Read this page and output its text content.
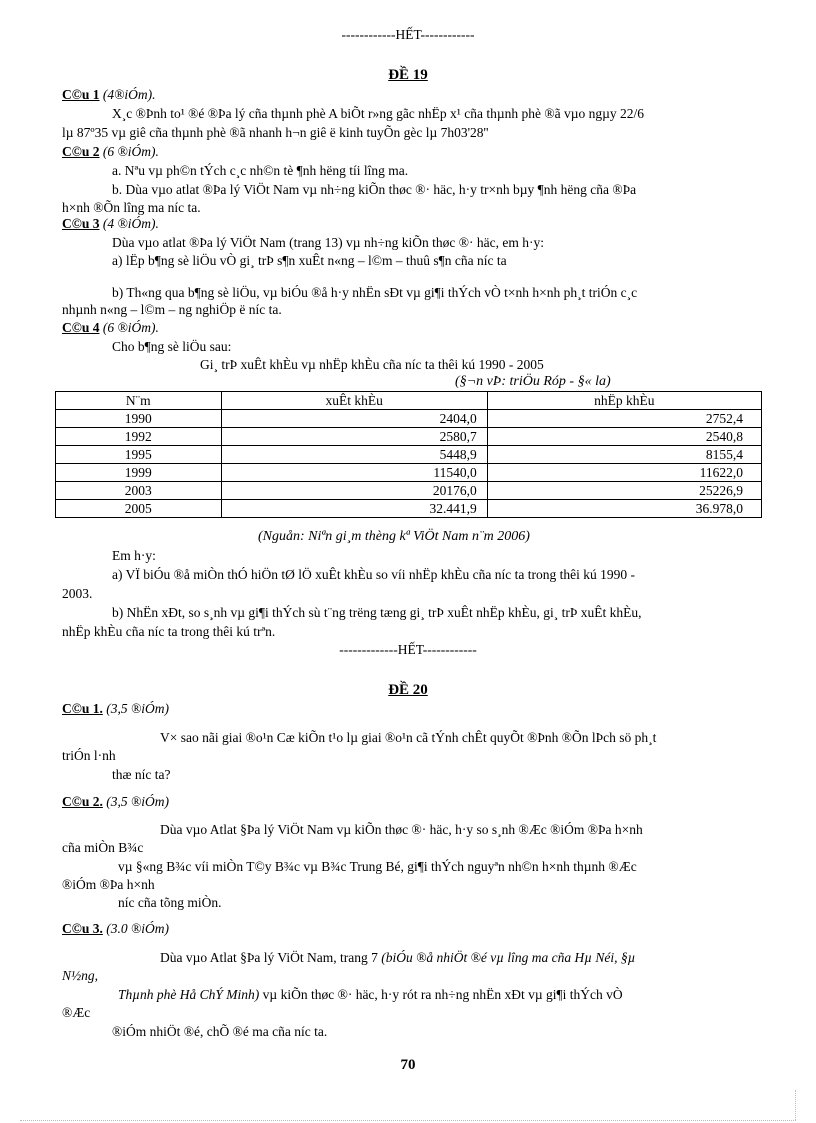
------------HẾT------------
ĐỀ 19
C©u 1 (4®iÓm).
X¸c ®Þnh to¹ ®é ®Þa lý cña thµnh phè A biÕt r»ng gãc nhËp x¹ cña thµnh phè ®ã vµo ngµy 22/6
lµ 87º35 vµ giê cña thµnh phè ®ã nhanh h¬n giê ë kinh tuyÕn gèc lµ 7h03'28''
C©u 2 (6 ®iÓm).
a. Nªu vµ ph©n tÝch c¸c nh©n tè ¶nh hëng tíi lîng ma.
b. Dùa vµo atlat ®Þa lý ViÖt Nam vµ nh÷ng kiÕn thøc ®· häc, h·y tr×nh bµy ¶nh hëng cña ®Þa
h×nh ®Õn lîng ma níc ta.
C©u 3 (4 ®iÓm).
Dùa vµo atlat ®Þa lý ViÖt Nam (trang 13) vµ nh÷ng kiÕn thøc ®· häc, em h·y:
a) lËp b¶ng sè liÖu vÒ gi¸ trÞ s¶n xuÊt n«ng – l©m – thuû s¶n cña níc ta
b) Th«ng qua b¶ng sè liÖu, vµ biÓu ®å h·y nhËn sÐt vµ gi¶i thÝch vÒ t×nh h×nh ph¸t triÓn c¸c
nhµnh n«ng – l©m – ng nghiÖp ë níc ta.
C©u 4 (6 ®iÓm).
Cho b¶ng sè liÖu sau:
Gi¸ trÞ xuÊt khÈu vµ nhËp khÈu cña níc ta thêi kú 1990 - 2005
(§¬n vÞ: triÖu Róp - §« la)
N¨m	xuÊt khÈu	nhËp khÈu
1990	2404,0	2752,4
1992	2580,7	2540,8
1995	5448,9	8155,4
1999	11540,0	11622,0
2003	20176,0	25226,9
2005	32.441,9	36.978,0
(Nguån: Niªn gi¸m thèng kª ViÖt Nam n¨m 2006)
Em h·y:
a) VÏ biÓu ®å miÒn thÓ hiÖn tØ lÖ xuÊt khÈu so víi nhËp khÈu cña níc ta trong thêi kú 1990 -
2003.
b) NhËn xÐt, so s¸nh vµ gi¶i thÝch sù t¨ng trëng tæng gi¸ trÞ xuÊt nhËp khÈu, gi¸ trÞ xuÊt khÈu,
nhËp khÈu cña níc ta trong thêi kú trªn.
-------------HẾT------------
ĐỀ 20
C©u 1. (3,5 ®iÓm)
V× sao nãi giai ®o¹n Cæ kiÕn t¹o lµ giai ®o¹n cã tÝnh chÊt quyÕt ®Þnh ®Õn lÞch sö ph¸t
triÓn l·nh
thæ níc ta?
C©u 2. (3,5 ®iÓm)
Dùa vµo Atlat §Þa lý ViÖt Nam vµ kiÕn thøc ®· häc, h·y so s¸nh ®Æc ®iÓm ®Þa h×nh
cña miÒn B¾c
vµ §«ng B¾c víi miÒn T©y B¾c vµ B¾c Trung Bé, gi¶i thÝch nguyªn nh©n h×nh thµnh ®Æc
®iÓm ®Þa h×nh
níc cña tõng miÒn.
C©u 3. (3.0 ®iÓm)
Dùa vµo Atlat §Þa lý ViÖt Nam, trang 7 (biÓu ®å nhiÖt ®é vµ lîng ma cña Hµ Néi, §µ
N½ng,
Thµnh phè Hå ChÝ Minh) vµ kiÕn thøc ®· häc, h·y rót ra nh÷ng nhËn xÐt vµ gi¶i thÝch vÒ
®Æc
®iÓm nhiÖt ®é, chÕ ®é ma cña níc ta.
70
